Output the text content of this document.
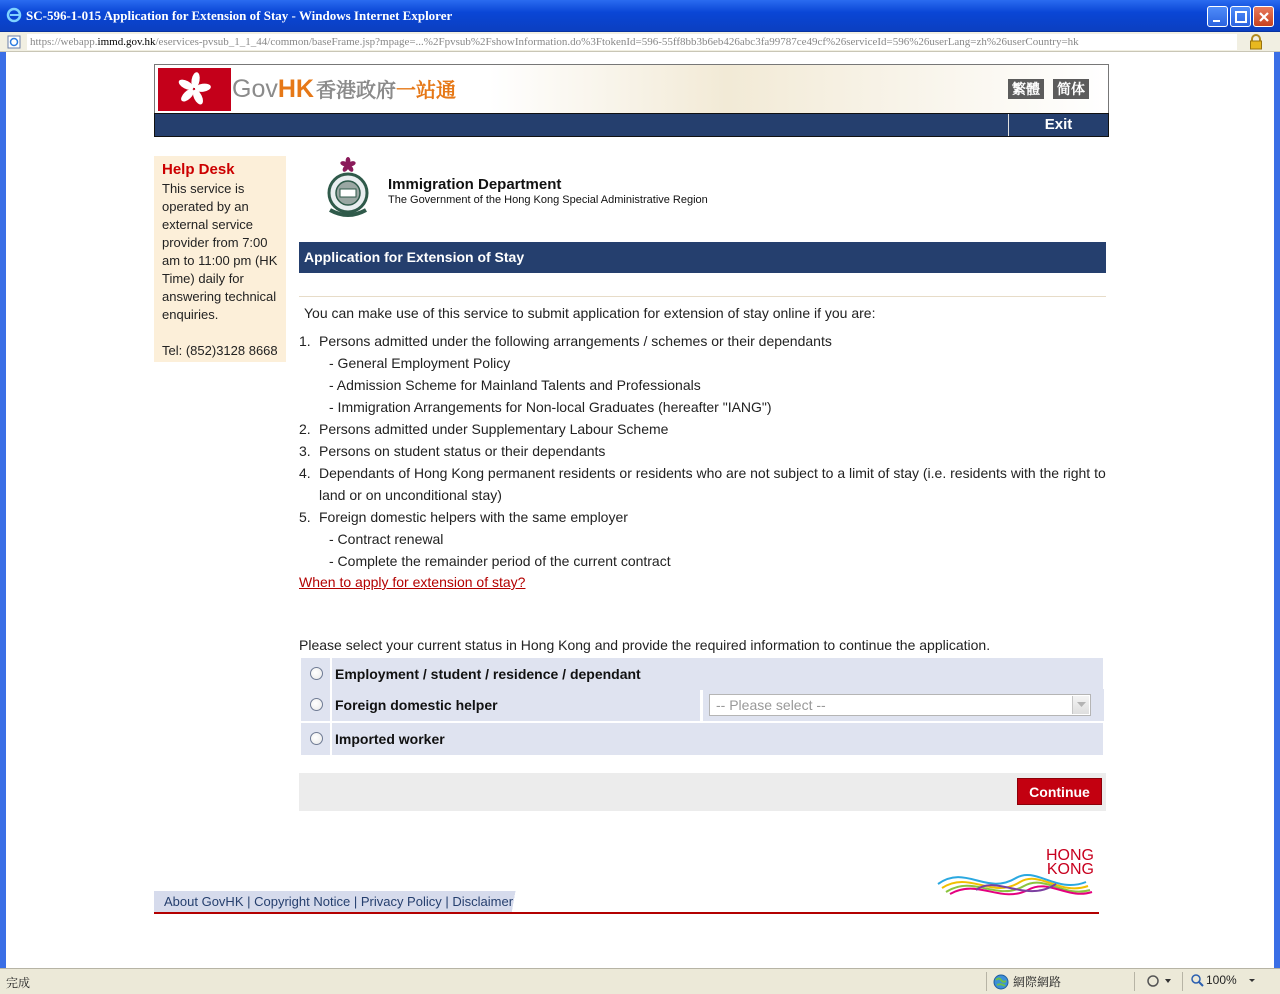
SC-596-1-015 Application for Extension of Stay - Windows Internet Explorer
https://webapp.immd.gov.hk/eservices-pvsub_1_1_44/common/baseFrame.jsp?mpage=...%2Fpvsub%2FshowInformation.do%3FtokenId=596-55ff8bb3b6eb426abc3fa99787ce49cf%26serviceId=596%26userLang=zh%26userCountry=hk
GovHK 香港政府一站通	繁體 简体
Exit
Help Desk

This service is operated by an external service provider from 7:00 am to 11:00 pm (HK Time) daily for answering technical enquiries.

Tel: (852)3128 8668

Immigration Department
The Government of the Hong Kong Special Administrative Region
Application for Extension of Stay
You can make use of this service to submit application for extension of stay online if you are:
1. Persons admitted under the following arrangements / schemes or their dependants
- General Employment Policy
- Admission Scheme for Mainland Talents and Professionals
- Immigration Arrangements for Non-local Graduates (hereafter "IANG")
2. Persons admitted under Supplementary Labour Scheme
3. Persons on student status or their dependants
4. Dependants of Hong Kong permanent residents or residents who are not subject to a limit of stay (i.e. residents with the right to land or on unconditional stay)
5. Foreign domestic helpers with the same employer
- Contract renewal
- Complete the remainder period of the current contract
When to apply for extension of stay?
Please select your current status in Hong Kong and provide the required information to continue the application.
Employment / student / residence / dependant
Foreign domestic helper	-- Please select --
Imported worker
Continue
HONG
KONG
About GovHK | Copyright Notice | Privacy Policy | Disclaimer
完成	網際網路	100%
